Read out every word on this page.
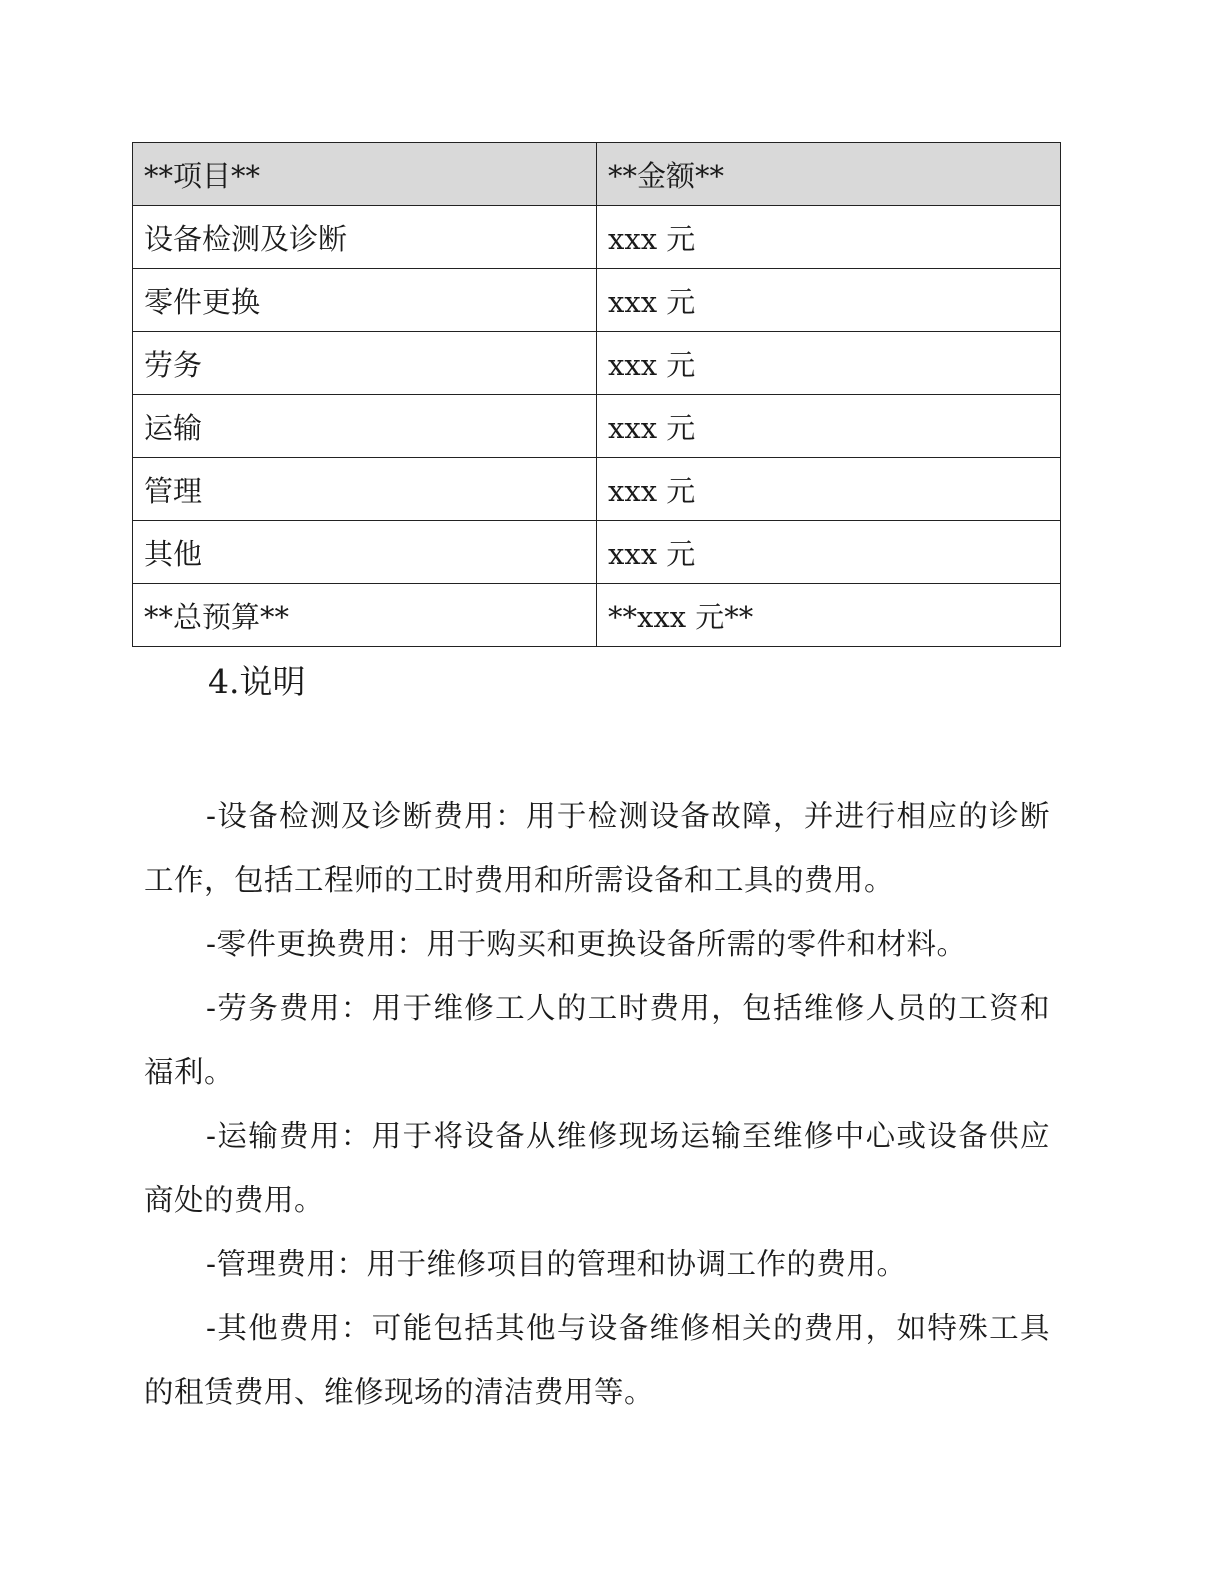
**项目**	**金额**
设备检测及诊断	xxx 元
零件更换	xxx 元
劳务	xxx 元
运输	xxx 元
管理	xxx 元
其他	xxx 元
**总预算**	**xxx 元**
4.说明

-设备检测及诊断费用：用于检测设备故障，并进行相应的诊断工作，包括工程师的工时费用和所需设备和工具的费用。

-零件更换费用：用于购买和更换设备所需的零件和材料。

-劳务费用：用于维修工人的工时费用，包括维修人员的工资和福利。

-运输费用：用于将设备从维修现场运输至维修中心或设备供应商处的费用。

-管理费用：用于维修项目的管理和协调工作的费用。

-其他费用：可能包括其他与设备维修相关的费用，如特殊工具的租赁费用、维修现场的清洁费用等。
